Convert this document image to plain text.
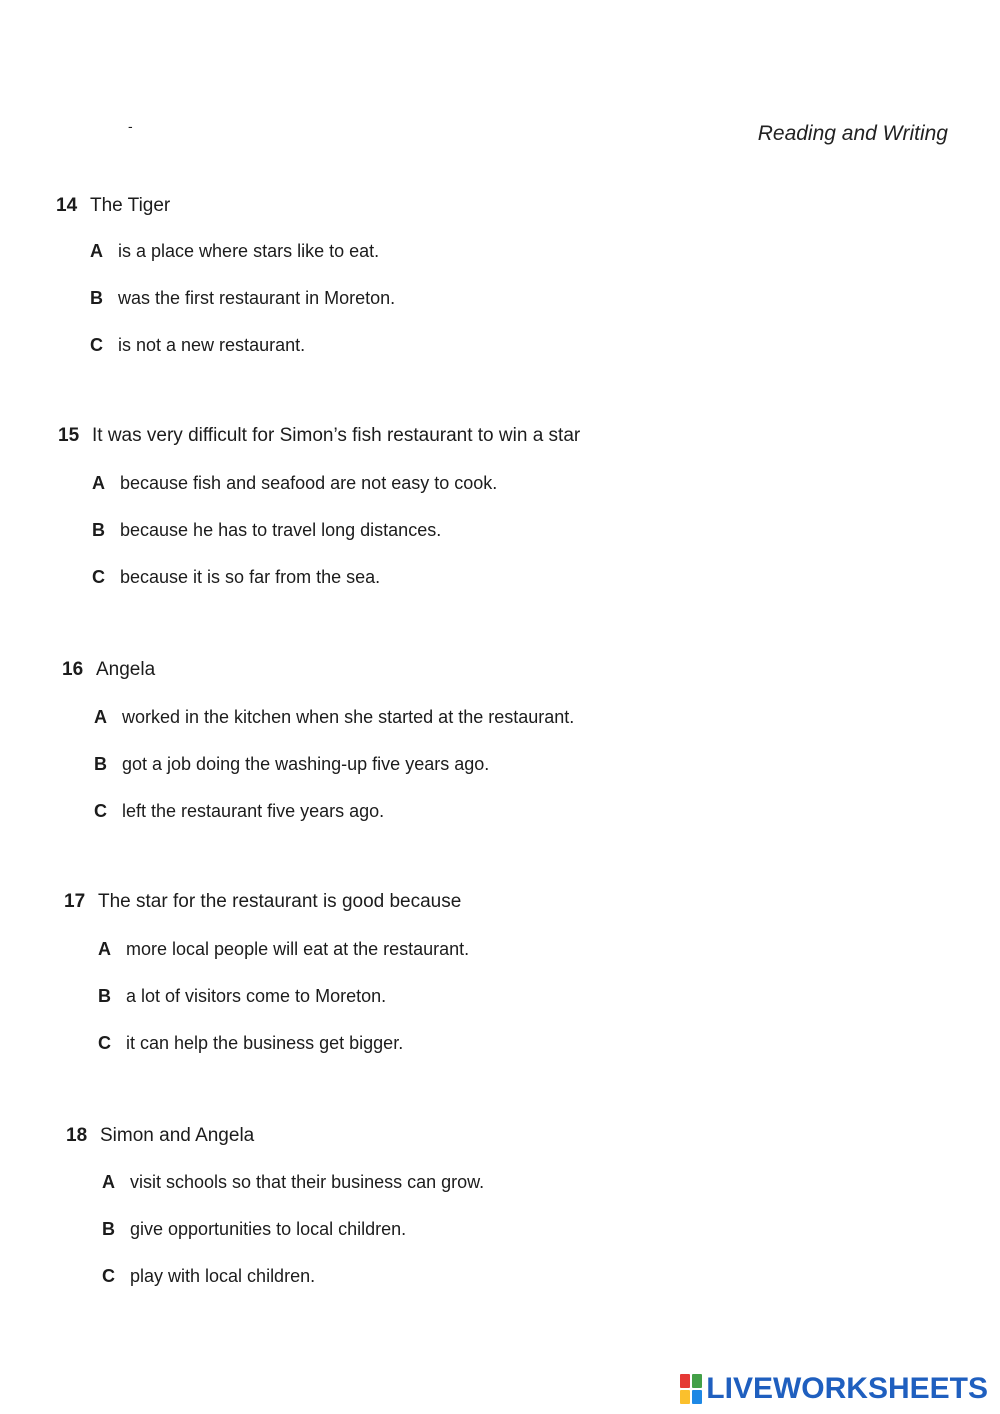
-	Reading and Writing
14 The Tiger
A is a place where stars like to eat.
B was the first restaurant in Moreton.
C is not a new restaurant.
15 It was very difficult for Simon’s fish restaurant to win a star
A because fish and seafood are not easy to cook.
B because he has to travel long distances.
C because it is so far from the sea.
16 Angela
A worked in the kitchen when she started at the restaurant.
B got a job doing the washing-up five years ago.
C left the restaurant five years ago.
17 The star for the restaurant is good because
A more local people will eat at the restaurant.
B a lot of visitors come to Moreton.
C it can help the business get bigger.
18 Simon and Angela
A visit schools so that their business can grow.
B give opportunities to local children.
C play with local children.
LIVEWORKSHEETS
